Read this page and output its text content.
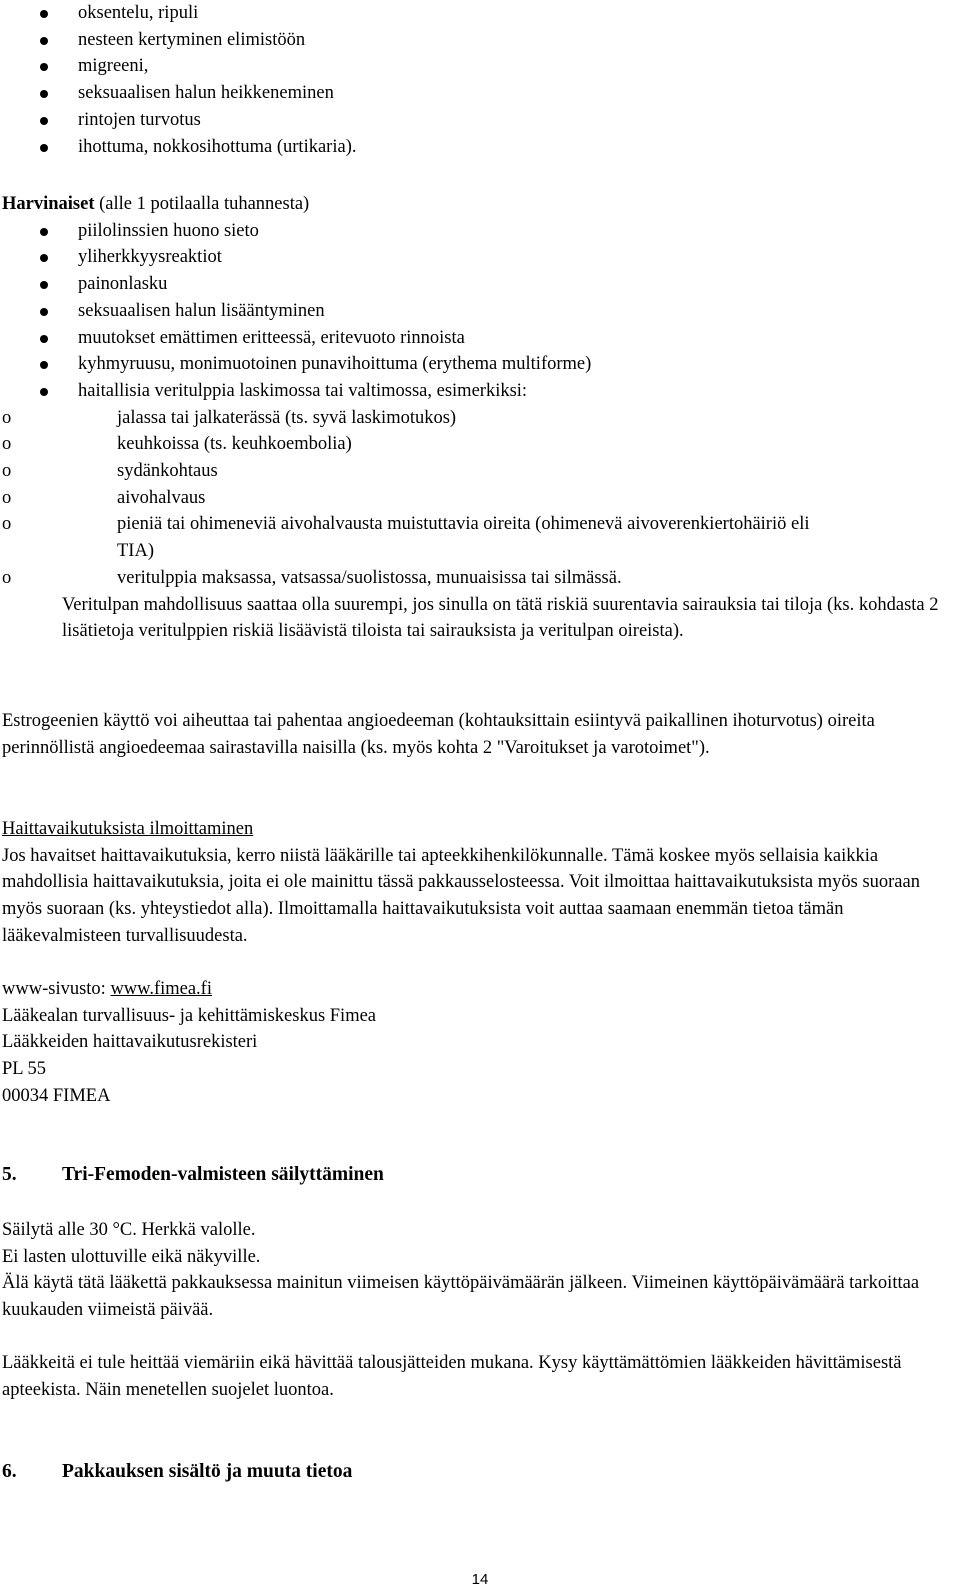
oksentelu, ripuli
nesteen kertyminen elimistöön
migreeni,
seksuaalisen halun heikkeneminen
rintojen turvotus
ihottuma, nokkosihottuma (urtikaria).

Harvinaiset (alle 1 potilaalla tuhannesta)

piilolinssien huono sieto
yliherkkyysreaktiot
painonlasku
seksuaalisen halun lisääntyminen
muutokset emättimen eritteessä, eritevuoto rinnoista
kyhmyruusu, monimuotoinen punavihoittuma (erythema multiforme)
haitallisia veritulppia laskimossa tai valtimossa, esimerkiksi:
o	jalassa tai jalkaterässä (ts. syvä laskimotukos)
o	keuhkoissa (ts. keuhkoembolia)
o	sydänkohtaus
o	aivohalvaus
o	pieniä tai ohimeneviä aivohalvausta muistuttavia oireita (ohimenevä aivoverenkiertohäiriö eli TIA)
o	veritulppia maksassa, vatsassa/suolistossa, munuaisissa tai silmässä.

Veritulpan mahdollisuus saattaa olla suurempi, jos sinulla on tätä riskiä suurentavia sairauksia tai tiloja (ks. kohdasta 2 lisätietoja veritulppien riskiä lisäävistä tiloista tai sairauksista ja veritulpan oireista).

Estrogeenien käyttö voi aiheuttaa tai pahentaa angioedeeman (kohtauksittain esiintyvä paikallinen ihoturvotus) oireita perinnöllistä angioedeemaa sairastavilla naisilla (ks. myös kohta 2 "Varoitukset ja varotoimet").

Haittavaikutuksista ilmoittaminen

Jos havaitset haittavaikutuksia, kerro niistä lääkärille tai apteekkihenkilökunnalle. Tämä koskee myös sellaisia kaikkia mahdollisia haittavaikutuksia, joita ei ole mainittu tässä pakkausselosteessa. Voit ilmoittaa haittavaikutuksista myös suoraan myös suoraan (ks. yhteystiedot alla). Ilmoittamalla haittavaikutuksista voit auttaa saamaan enemmän tietoa tämän lääkevalmisteen turvallisuudesta.

www-sivusto: www.fimea.fi

Lääkealan turvallisuus- ja kehittämiskeskus Fimea

Lääkkeiden haittavaikutusrekisteri

PL 55

00034 FIMEA

5. Tri-Femoden-valmisteen säilyttäminen

Säilytä alle 30 °C. Herkkä valolle.

Ei lasten ulottuville eikä näkyville.

Älä käytä tätä lääkettä pakkauksessa mainitun viimeisen käyttöpäivämäärän jälkeen. Viimeinen käyttöpäivämäärä tarkoittaa kuukauden viimeistä päivää.

Lääkkeitä ei tule heittää viemäriin eikä hävittää talousjätteiden mukana. Kysy käyttämättömien lääkkeiden hävittämisestä apteekista. Näin menetellen suojelet luontoa.

6. Pakkauksen sisältö ja muuta tietoa
14
